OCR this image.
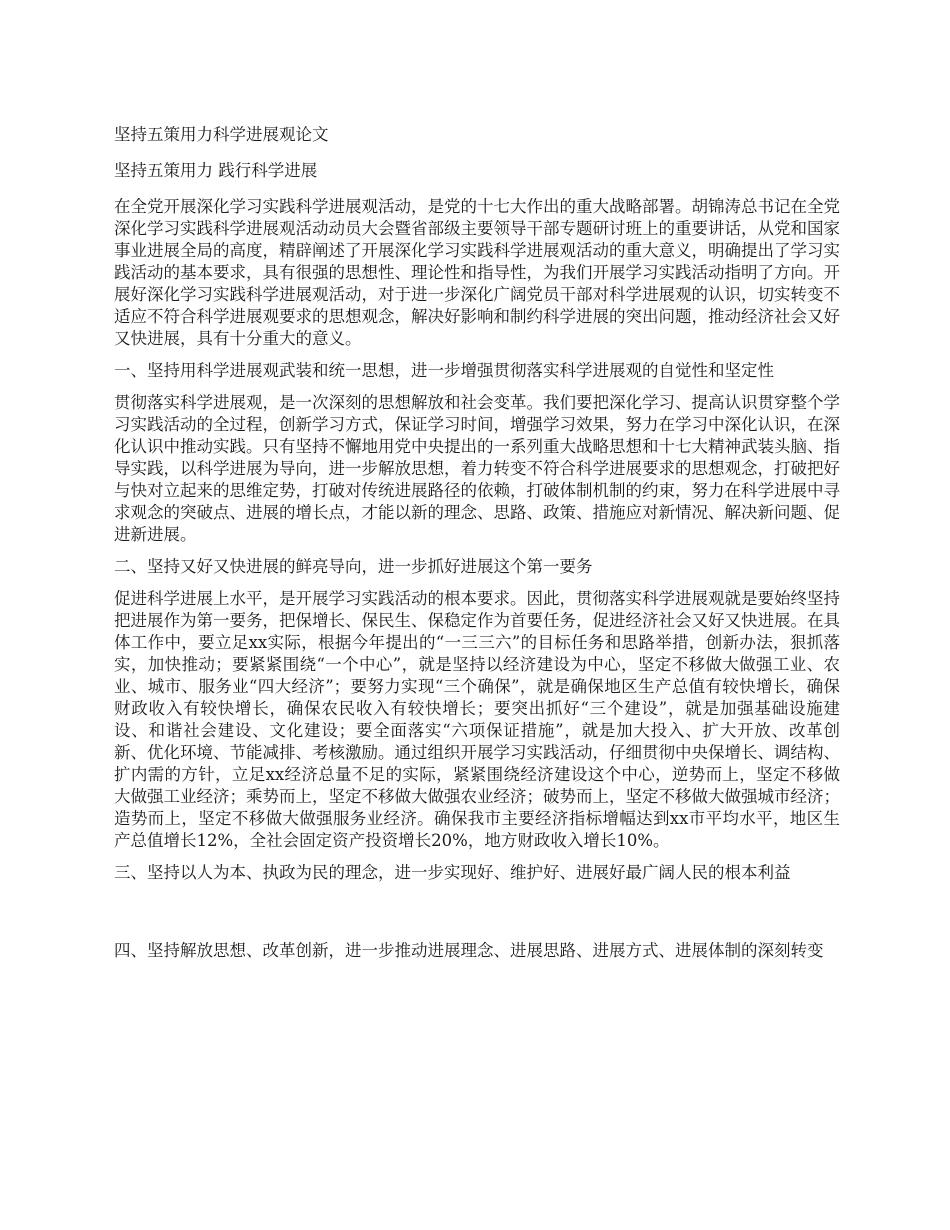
坚持五策用力科学进展观论文

坚持五策用力 践行科学进展

在全党开展深化学习实践科学进展观活动，是党的十七大作出的重大战略部署。胡锦涛总书记在全党深化学习实践科学进展观活动动员大会暨省部级主要领导干部专题研讨班上的重要讲话，从党和国家事业进展全局的高度，精辟阐述了开展深化学习实践科学进展观活动的重大意义，明确提出了学习实践活动的基本要求，具有很强的思想性、理论性和指导性，为我们开展学习实践活动指明了方向。开展好深化学习实践科学进展观活动，对于进一步深化广阔党员干部对科学进展观的认识，切实转变不适应不符合科学进展观要求的思想观念，解决好影响和制约科学进展的突出问题，推动经济社会又好又快进展，具有十分重大的意义。

一、坚持用科学进展观武装和统一思想，进一步增强贯彻落实科学进展观的自觉性和坚定性

贯彻落实科学进展观，是一次深刻的思想解放和社会变革。我们要把深化学习、提高认识贯穿整个学习实践活动的全过程，创新学习方式，保证学习时间，增强学习效果，努力在学习中深化认识，在深化认识中推动实践。只有坚持不懈地用党中央提出的一系列重大战略思想和十七大精神武装头脑、指导实践，以科学进展为导向，进一步解放思想，着力转变不符合科学进展要求的思想观念，打破把好与快对立起来的思维定势，打破对传统进展路径的依赖，打破体制机制的约束，努力在科学进展中寻求观念的突破点、进展的增长点，才能以新的理念、思路、政策、措施应对新情况、解决新问题、促进新进展。

二、坚持又好又快进展的鲜亮导向，进一步抓好进展这个第一要务

促进科学进展上水平，是开展学习实践活动的根本要求。因此，贯彻落实科学进展观就是要始终坚持把进展作为第一要务，把保增长、保民生、保稳定作为首要任务，促进经济社会又好又快进展。在具体工作中，要立足xx实际，根据今年提出的“一三三六”的目标任务和思路举措，创新办法，狠抓落实，加快推动；要紧紧围绕“一个中心”，就是坚持以经济建设为中心，坚定不移做大做强工业、农业、城市、服务业“四大经济”；要努力实现“三个确保”，就是确保地区生产总值有较快增长，确保财政收入有较快增长，确保农民收入有较快增长；要突出抓好“三个建设”，就是加强基础设施建设、和谐社会建设、文化建设；要全面落实“六项保证措施”，就是加大投入、扩大开放、改革创新、优化环境、节能减排、考核激励。通过组织开展学习实践活动，仔细贯彻中央保增长、调结构、扩内需的方针，立足xx经济总量不足的实际，紧紧围绕经济建设这个中心，逆势而上，坚定不移做大做强工业经济；乘势而上，坚定不移做大做强农业经济；破势而上，坚定不移做大做强城市经济；造势而上，坚定不移做大做强服务业经济。确保我市主要经济指标增幅达到xx市平均水平，地区生产总值增长12%，全社会固定资产投资增长20%，地方财政收入增长10%。

三、坚持以人为本、执政为民的理念，进一步实现好、维护好、进展好最广阔人民的根本利益

四、坚持解放思想、改革创新，进一步推动进展理念、进展思路、进展方式、进展体制的深刻转变
